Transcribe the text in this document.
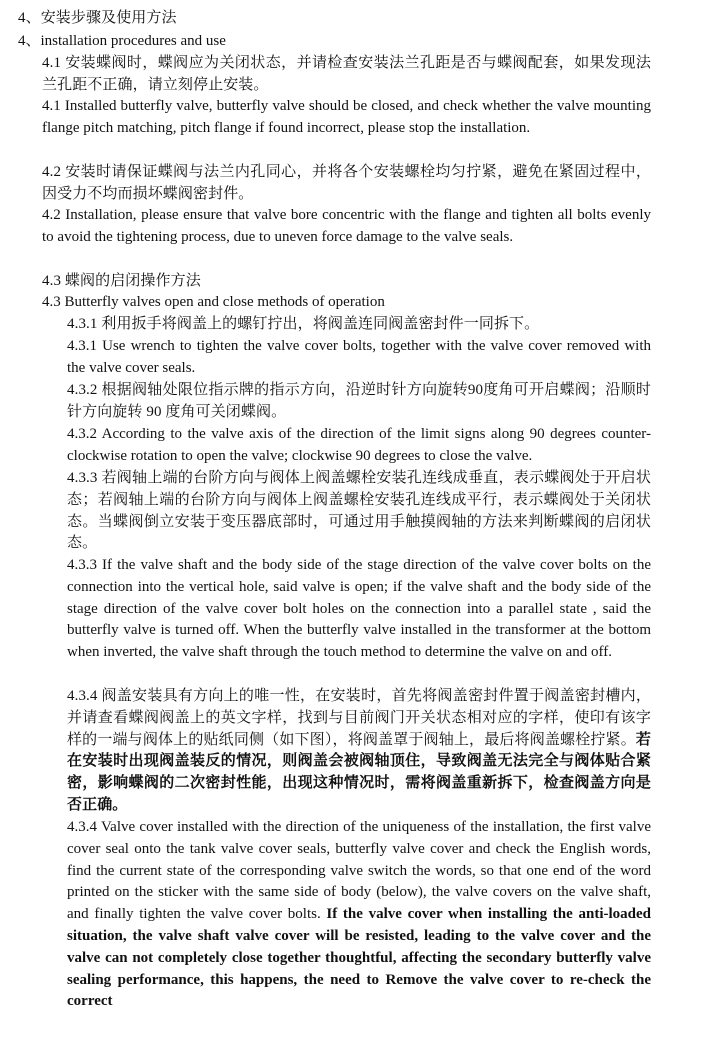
4、安装步骤及使用方法

4、installation procedures and use

4.1 安装蝶阀时，蝶阀应为关闭状态，并请检查安装法兰孔距是否与蝶阀配套，如果发现法兰孔距不正确，请立刻停止安装。

4.1 Installed butterfly valve, butterfly valve should be closed, and check whether the valve mounting flange pitch matching, pitch flange if found incorrect, please stop the installation.

4.2 安装时请保证蝶阀与法兰内孔同心，并将各个安装螺栓均匀拧紧，避免在紧固过程中，因受力不均而损坏蝶阀密封件。

4.2 Installation, please ensure that valve bore concentric with the flange and tighten all bolts evenly to avoid the tightening process, due to uneven force damage to the valve seals.

4.3 蝶阀的启闭操作方法

4.3 Butterfly valves open and close methods of operation

4.3.1 利用扳手将阀盖上的螺钉拧出，将阀盖连同阀盖密封件一同拆下。

4.3.1 Use wrench to tighten the valve cover bolts, together with the valve cover removed with the valve cover seals.

4.3.2 根据阀轴处限位指示牌的指示方向，沿逆时针方向旋转90度角可开启蝶阀；沿顺时针方向旋转 90 度角可关闭蝶阀。

4.3.2 According to the valve axis of the direction of the limit signs along 90 degrees counter-clockwise rotation to open the valve; clockwise 90 degrees to close the valve.

4.3.3 若阀轴上端的台阶方向与阀体上阀盖螺栓安装孔连线成垂直，表示蝶阀处于开启状态；若阀轴上端的台阶方向与阀体上阀盖螺栓安装孔连线成平行，表示蝶阀处于关闭状态。当蝶阀倒立安装于变压器底部时，可通过用手触摸阀轴的方法来判断蝶阀的启闭状态。

4.3.3 If the valve shaft and the body side of the stage direction of the valve cover bolts on the connection into the vertical hole, said valve is open; if the valve shaft and the body side of the stage direction of the valve cover bolt holes on the connection into a parallel state , said the butterfly valve is turned off. When the butterfly valve installed in the transformer at the bottom when inverted, the valve shaft through the touch method to determine the valve on and off.

4.3.4 阀盖安装具有方向上的唯一性，在安装时，首先将阀盖密封件置于阀盖密封槽内，并请查看蝶阀阀盖上的英文字样，找到与目前阀门开关状态相对应的字样，使印有该字样的一端与阀体上的贴纸同侧（如下图），将阀盖罩于阀轴上，最后将阀盖螺栓拧紧。若在安装时出现阀盖装反的情况，则阀盖会被阀轴顶住，导致阀盖无法完全与阀体贴合紧密，影响蝶阀的二次密封性能，出现这种情况时，需将阀盖重新拆下，检查阀盖方向是否正确。

4.3.4 Valve cover installed with the direction of the uniqueness of the installation, the first valve cover seal onto the tank valve cover seals, butterfly valve cover and check the English words, find the current state of the corresponding valve switch the words, so that one end of the word printed on the sticker with the same side of body (below), the valve covers on the valve shaft, and finally tighten the valve cover bolts. If the valve cover when installing the anti-loaded situation, the valve shaft valve cover will be resisted, leading to the valve cover and the valve can not completely close together thoughtful, affecting the secondary butterfly valve sealing performance, this happens, the need to Remove the valve cover to re-check the correct
